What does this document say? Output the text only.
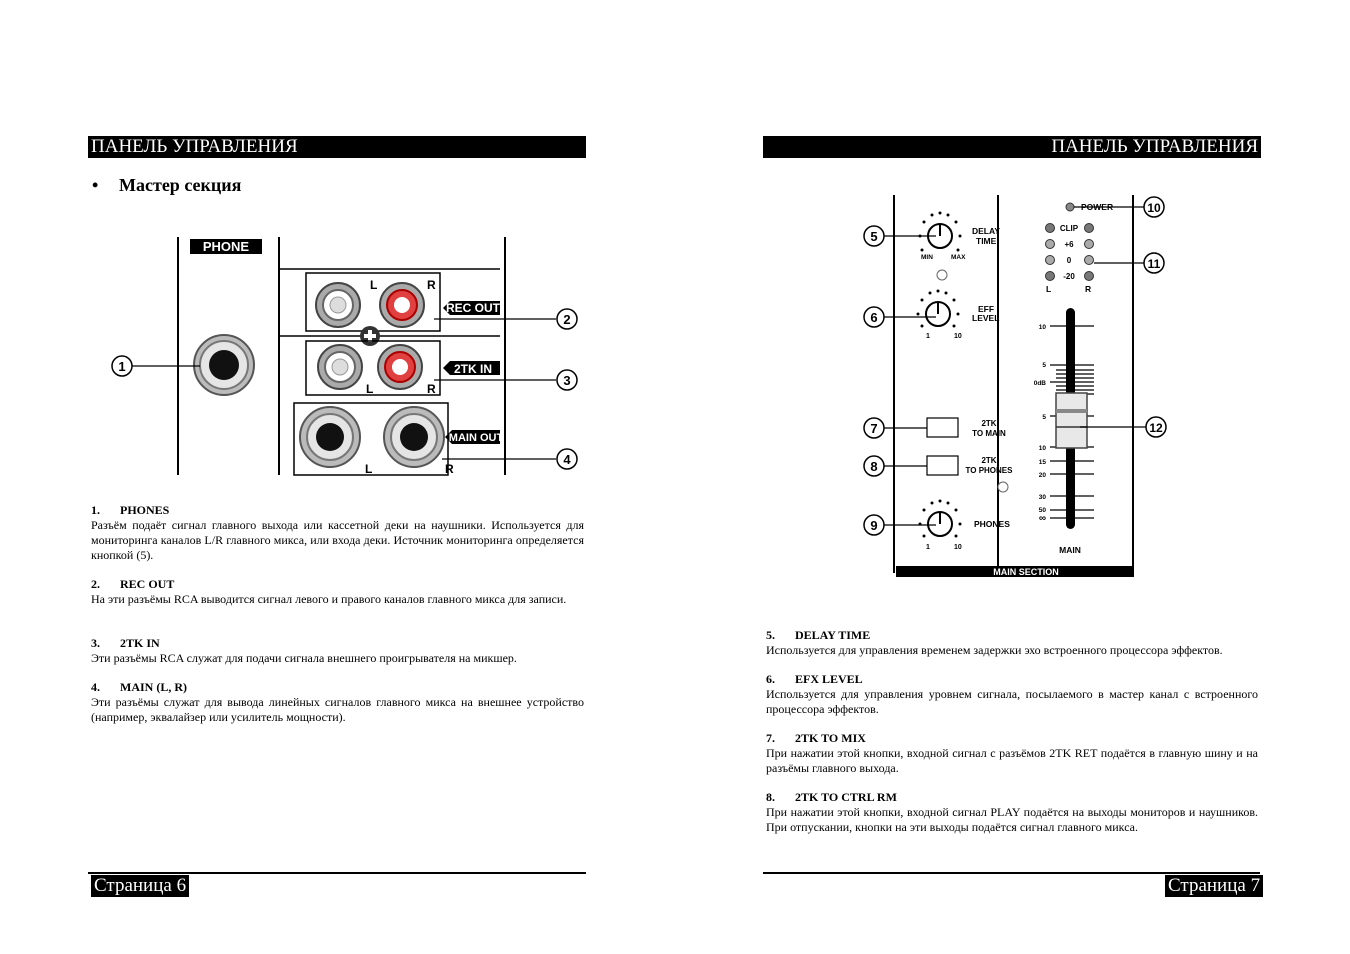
ПАНЕЛЬ УПРАВЛЕНИЯ	ПАНЕЛЬ УПРАВЛЕНИЯ
• Мастер секция
PHONE
L	R
REC OUT
L	R
2TK IN
L	R
MAIN OUT
1
2
3
4
MAIN SECTION
DELAY
TIME
MIN	MAX
EFF
LEVEL
1	10
2TK
TO MAIN
2TK
TO PHONES
PHONES
1	10
POWER
CLIP
+6
0
-20
L	R
10
5
0dB
5
10
15
20
30
50
∞
MAIN
5
6
7
8
9
10
11
12
1. PHONES
Разъём подаёт сигнал главного выхода или кассетной деки на наушники. Используется для мониторинга каналов L/R главного микса, или входа деки. Источник мониторинга определяется кнопкой (5).
2. REC OUT
На эти разъёмы RCA выводится сигнал левого и правого каналов главного микса для записи.
3. 2TK IN
Эти разъёмы RCA служат для подачи сигнала внешнего проигрывателя на микшер.
4. MAIN (L, R)
Эти разъёмы служат для вывода линейных сигналов главного микса на внешнее устройство (например, эквалайзер или усилитель мощности).
5. DELAY TIME
Используется для управления временем задержки эхо встроенного процессора эффектов.
6. EFX LEVEL
Используется для управления уровнем сигнала, посылаемого в мастер канал с встроенного процессора эффектов.
7. 2TK TO MIX
При нажатии этой кнопки, входной сигнал с разъёмов 2TK RET подаётся в главную шину и на разъёмы главного выхода.
8. 2TK TO CTRL RM
При нажатии этой кнопки, входной сигнал PLAY подаётся на выходы мониторов и наушников. При отпускании, кнопки на эти выходы подаётся сигнал главного микса.
Страница 6	Страница 7
